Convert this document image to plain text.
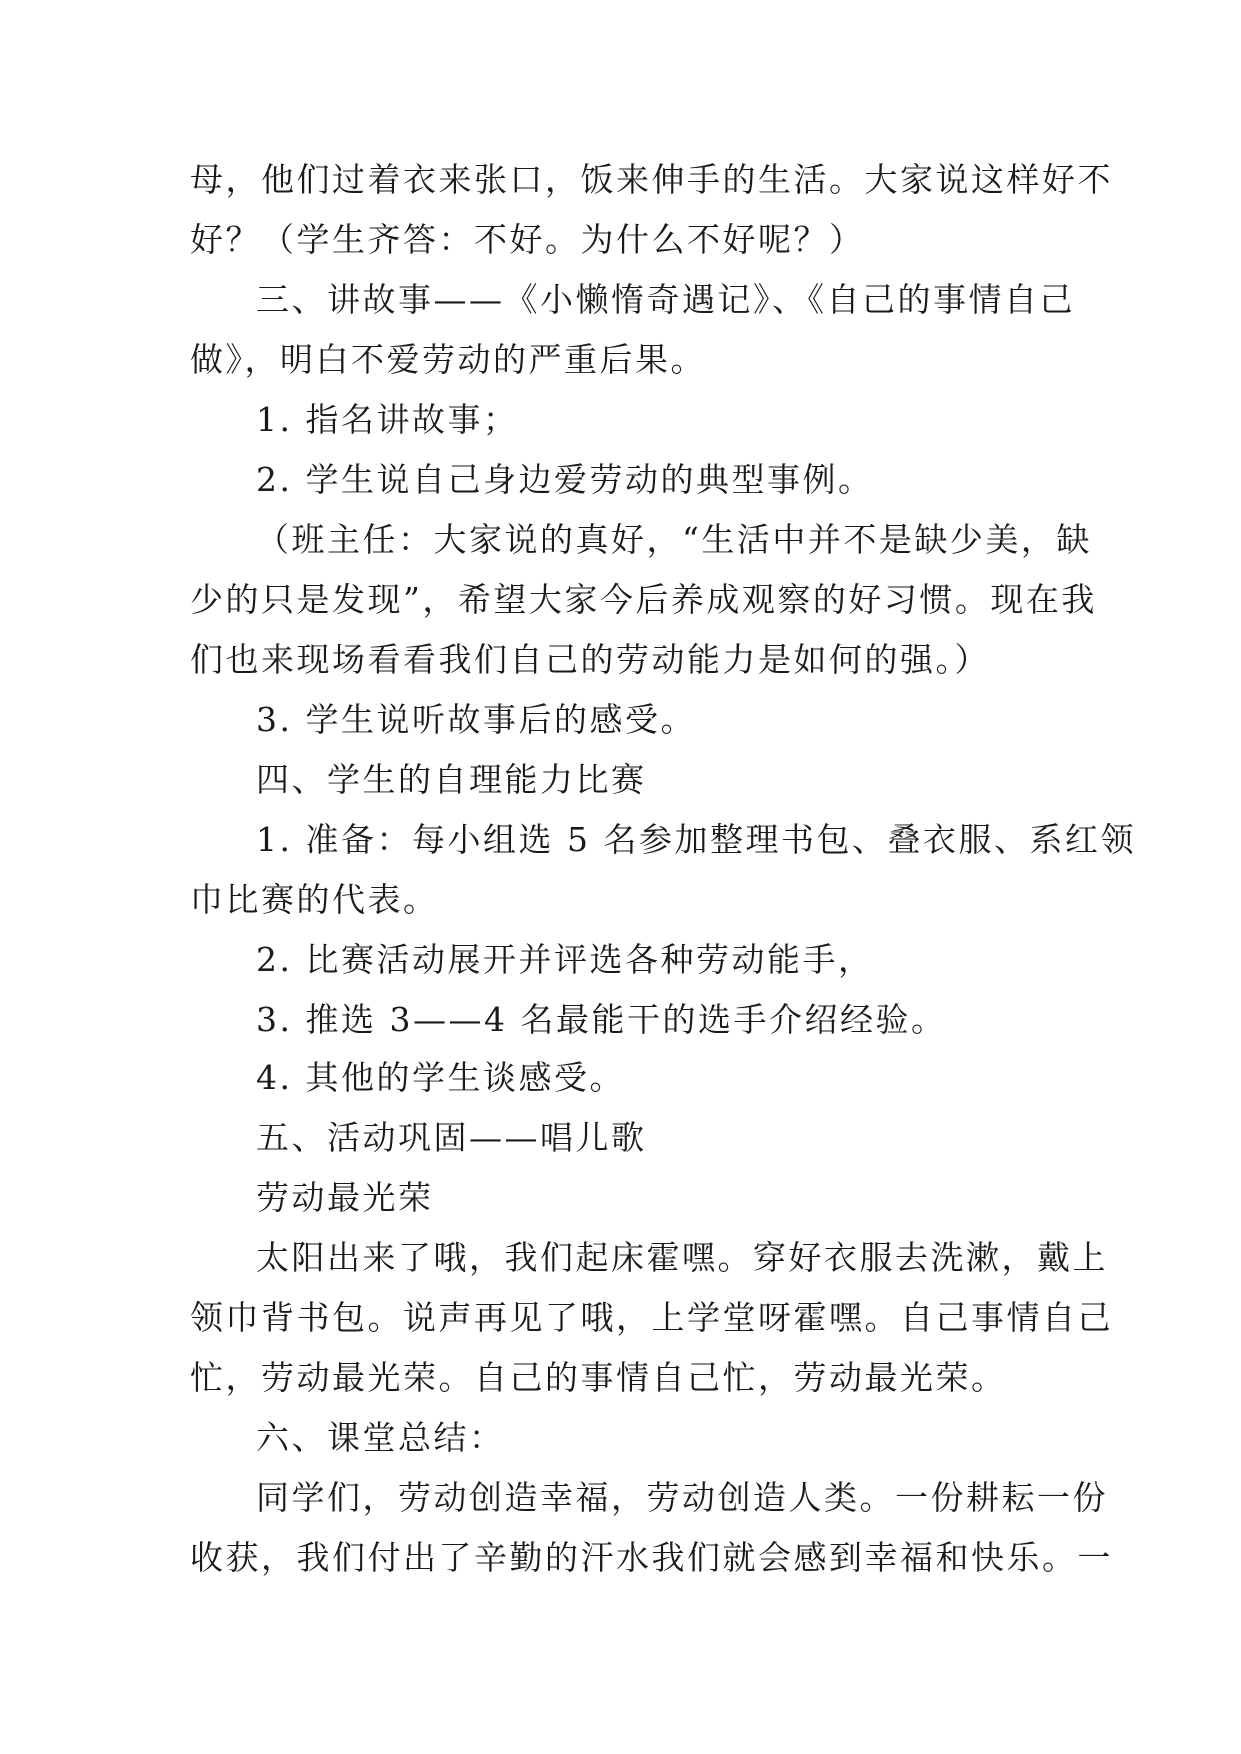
母，他们过着衣来张口，饭来伸手的生活。大家说这样好不
好？（学生齐答：不好。为什么不好呢？）
三、讲故事——《小懒惰奇遇记》、《自己的事情自己
做》，明白不爱劳动的严重后果。
1. 指名讲故事；
2. 学生说自己身边爱劳动的典型事例。
（班主任：大家说的真好，“生活中并不是缺少美，缺
少的只是发现”，希望大家今后养成观察的好习惯。现在我
们也来现场看看我们自己的劳动能力是如何的强。）
3. 学生说听故事后的感受。
四、学生的自理能力比赛
1. 准备：每小组选 5 名参加整理书包、叠衣服、系红领
巾比赛的代表。
2. 比赛活动展开并评选各种劳动能手，
3. 推选 3——4 名最能干的选手介绍经验。
4. 其他的学生谈感受。
五、活动巩固——唱儿歌
劳动最光荣
太阳出来了哦，我们起床霍嘿。穿好衣服去洗漱，戴上
领巾背书包。说声再见了哦，上学堂呀霍嘿。自己事情自己
忙，劳动最光荣。自己的事情自己忙，劳动最光荣。
六、课堂总结：
同学们，劳动创造幸福，劳动创造人类。一份耕耘一份
收获，我们付出了辛勤的汗水我们就会感到幸福和快乐。一
